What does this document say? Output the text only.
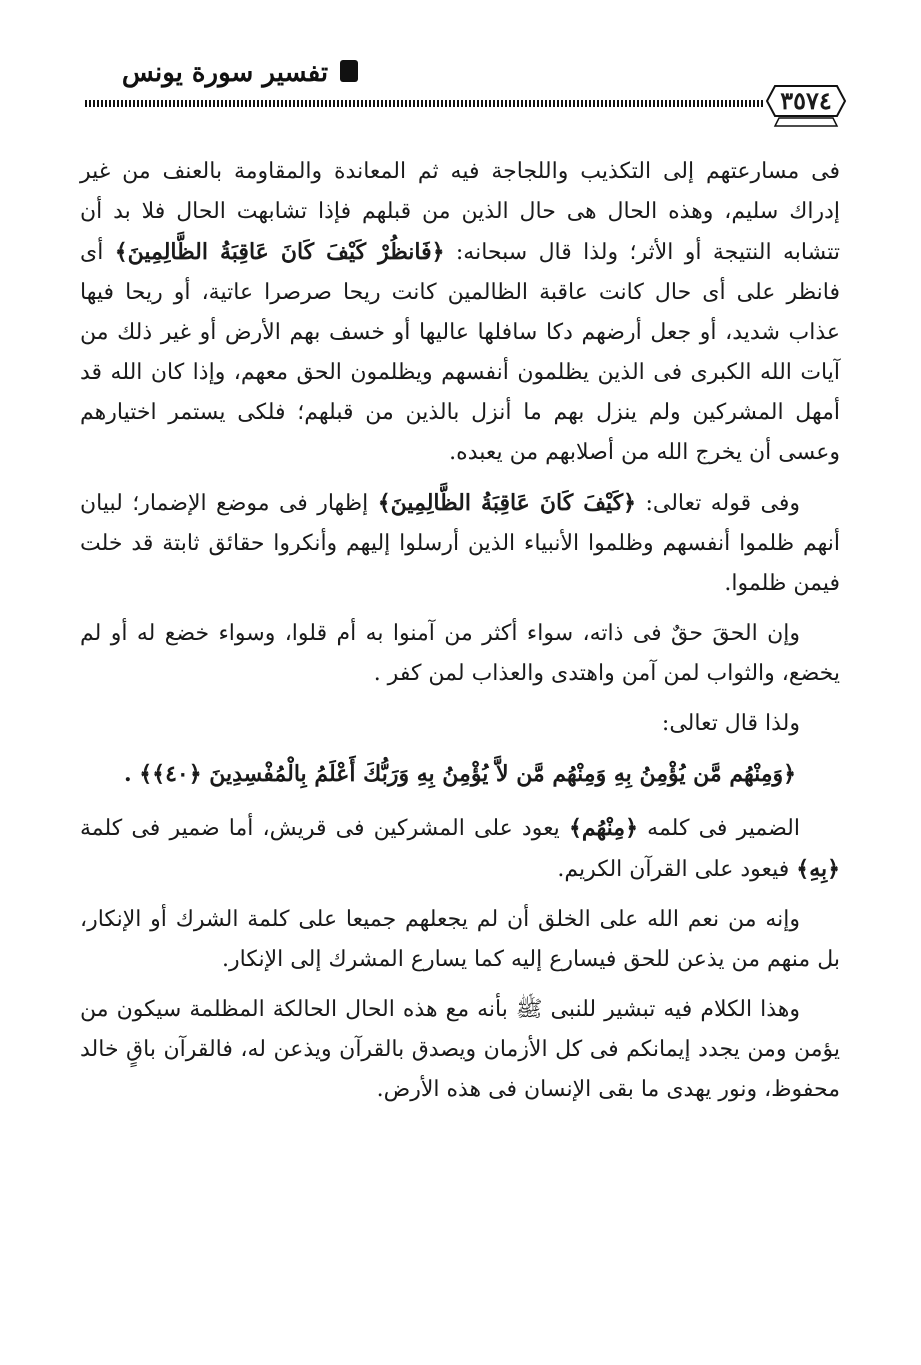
تفسير سورة يونس
٣٥٧٤

فى مسارعتهم إلى التكذيب واللجاجة فيه ثم المعاندة والمقاومة بالعنف من غير إدراك سليم، وهذه الحال هى حال الذين من قبلهم فإذا تشابهت الحال فلا بد أن تتشابه النتيجة أو الأثر؛ ولذا قال سبحانه: ﴿فَانظُرْ كَيْفَ كَانَ عَاقِبَةُ الظَّالِمِينَ﴾ أى فانظر على أى حال كانت عاقبة الظالمين كانت ريحا صرصرا عاتية، أو ريحا فيها عذاب شديد، أو جعل أرضهم دكا سافلها عاليها أو خسف بهم الأرض أو غير ذلك من آيات الله الكبرى فى الذين يظلمون أنفسهم ويظلمون الحق معهم، وإذا كان الله قد أمهل المشركين ولم ينزل بهم ما أنزل بالذين من قبلهم؛ فلكى يستمر اختيارهم وعسى أن يخرج الله من أصلابهم من يعبده.

وفى قوله تعالى: ﴿كَيْفَ كَانَ عَاقِبَةُ الظَّالِمِينَ﴾ إظهار فى موضع الإضمار؛ لبيان أنهم ظلموا أنفسهم وظلموا الأنبياء الذين أرسلوا إليهم وأنكروا حقائق ثابتة قد خلت فيمن ظلموا.

وإن الحقَ حقٌ فى ذاته، سواء أكثر من آمنوا به أم قلوا، وسواء خضع له أو لم يخضع، والثواب لمن آمن واهتدى والعذاب لمن كفر .

ولذا قال تعالى:

﴿وَمِنْهُم مَّن يُؤْمِنُ بِهِ وَمِنْهُم مَّن لاَّ يُؤْمِنُ بِهِ وَرَبُّكَ أَعْلَمُ بِالْمُفْسِدِينَ ﴿٤٠﴾﴾ .

الضمير فى كلمه ﴿مِنْهُم﴾ يعود على المشركين فى قريش، أما ضمير فى كلمة ﴿بِهِ﴾ فيعود على القرآن الكريم.

وإنه من نعم الله على الخلق أن لم يجعلهم جميعا على كلمة الشرك أو الإنكار، بل منهم من يذعن للحق فيسارع إليه كما يسارع المشرك إلى الإنكار.

وهذا الكلام فيه تبشير للنبى ﷺ بأنه مع هذه الحال الحالكة المظلمة سيكون من يؤمن ومن يجدد إيمانكم فى كل الأزمان ويصدق بالقرآن ويذعن له، فالقرآن باقٍ خالد محفوظ، ونور يهدى ما بقى الإنسان فى هذه الأرض.
